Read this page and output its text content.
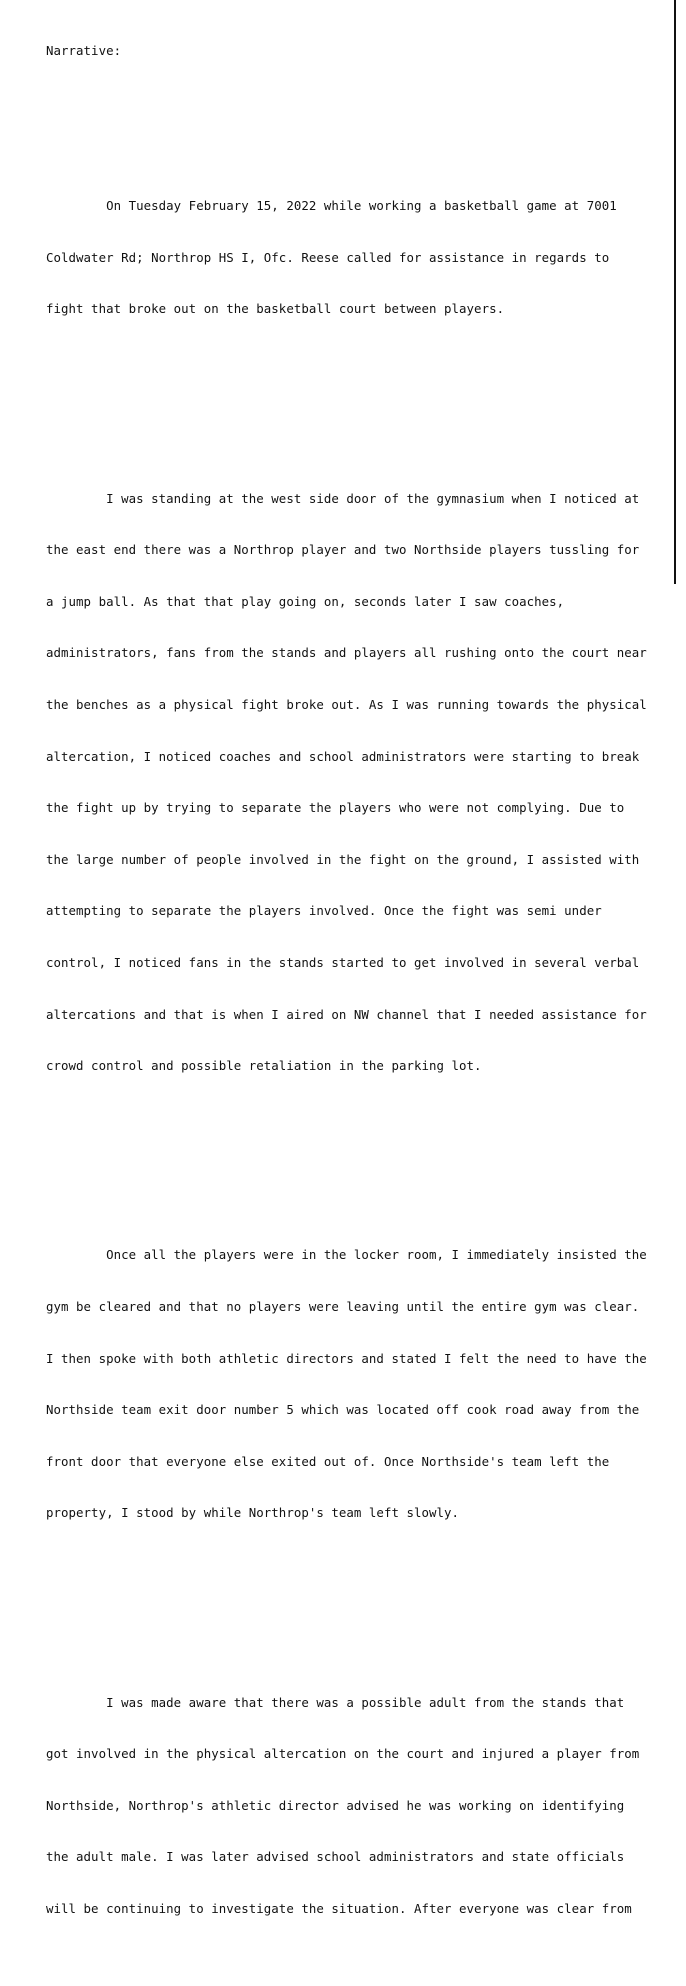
Narrative:

On Tuesday February 15, 2022 while working a basketball game at 7001

Coldwater Rd; Northrop HS I, Ofc. Reese called for assistance in regards to

fight that broke out on the basketball court between players.

I was standing at the west side door of the gymnasium when I noticed at

the east end there was a Northrop player and two Northside players tussling for

a jump ball. As that that play going on, seconds later I saw coaches,

administrators, fans from the stands and players all rushing onto the court near

the benches as a physical fight broke out. As I was running towards the physical

altercation, I noticed coaches and school administrators were starting to break

the fight up by trying to separate the players who were not complying. Due to

the large number of people involved in the fight on the ground, I assisted with

attempting to separate the players involved. Once the fight was semi under

control, I noticed fans in the stands started to get involved in several verbal

altercations and that is when I aired on NW channel that I needed assistance for

crowd control and possible retaliation in the parking lot.

Once all the players were in the locker room, I immediately insisted the

gym be cleared and that no players were leaving until the entire gym was clear.

I then spoke with both athletic directors and stated I felt the need to have the

Northside team exit door number 5 which was located off cook road away from the

front door that everyone else exited out of. Once Northside's team left the

property, I stood by while Northrop's team left slowly.

I was made aware that there was a possible adult from the stands that

got involved in the physical altercation on the court and injured a player from

Northside, Northrop's athletic director advised he was working on identifying

the adult male. I was later advised school administrators and state officials

will be continuing to investigate the situation. After everyone was clear from
